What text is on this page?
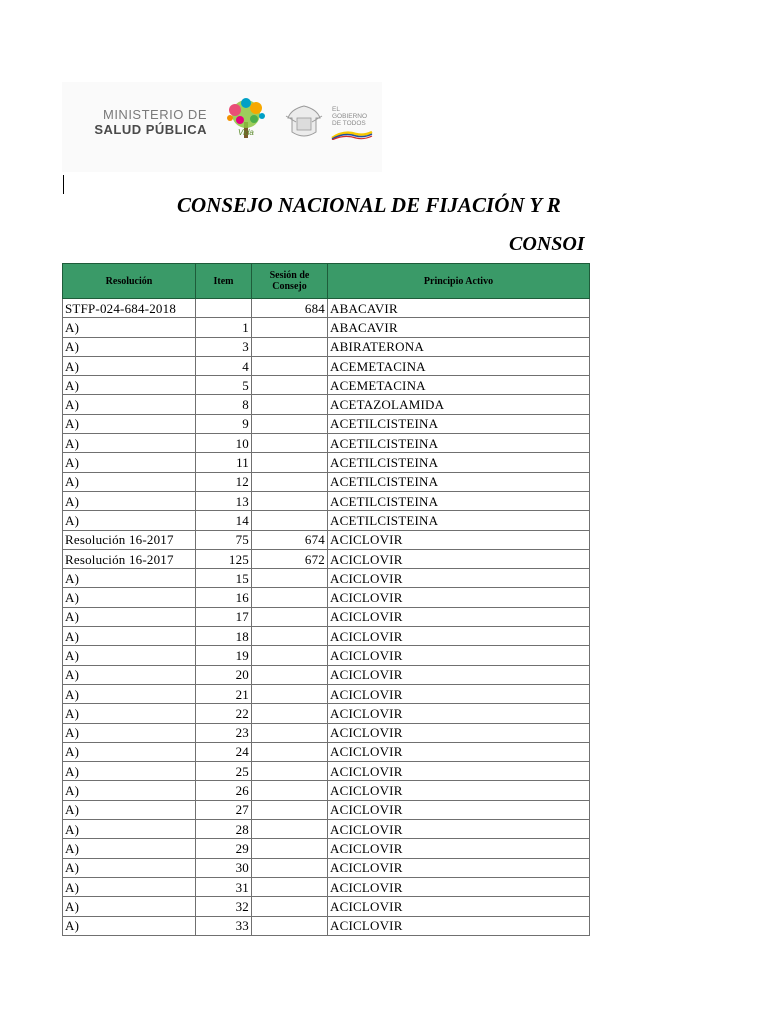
MINISTERIO DE
SALUD PÚBLICA	Vida
EL
GOBIERNO
DE TODOS
CONSEJO NACIONAL DE FIJACIÓN Y R
CONSOI
Resolución	Item	Sesión de Consejo	Principio Activo
STFP-024-684-2018		684	ABACAVIR
A)	1		ABACAVIR
A)	3		ABIRATERONA
A)	4		ACEMETACINA
A)	5		ACEMETACINA
A)	8		ACETAZOLAMIDA
A)	9		ACETILCISTEINA
A)	10		ACETILCISTEINA
A)	11		ACETILCISTEINA
A)	12		ACETILCISTEINA
A)	13		ACETILCISTEINA
A)	14		ACETILCISTEINA
Resolución 16-2017	75	674	ACICLOVIR
Resolución 16-2017	125	672	ACICLOVIR
A)	15		ACICLOVIR
A)	16		ACICLOVIR
A)	17		ACICLOVIR
A)	18		ACICLOVIR
A)	19		ACICLOVIR
A)	20		ACICLOVIR
A)	21		ACICLOVIR
A)	22		ACICLOVIR
A)	23		ACICLOVIR
A)	24		ACICLOVIR
A)	25		ACICLOVIR
A)	26		ACICLOVIR
A)	27		ACICLOVIR
A)	28		ACICLOVIR
A)	29		ACICLOVIR
A)	30		ACICLOVIR
A)	31		ACICLOVIR
A)	32		ACICLOVIR
A)	33		ACICLOVIR
